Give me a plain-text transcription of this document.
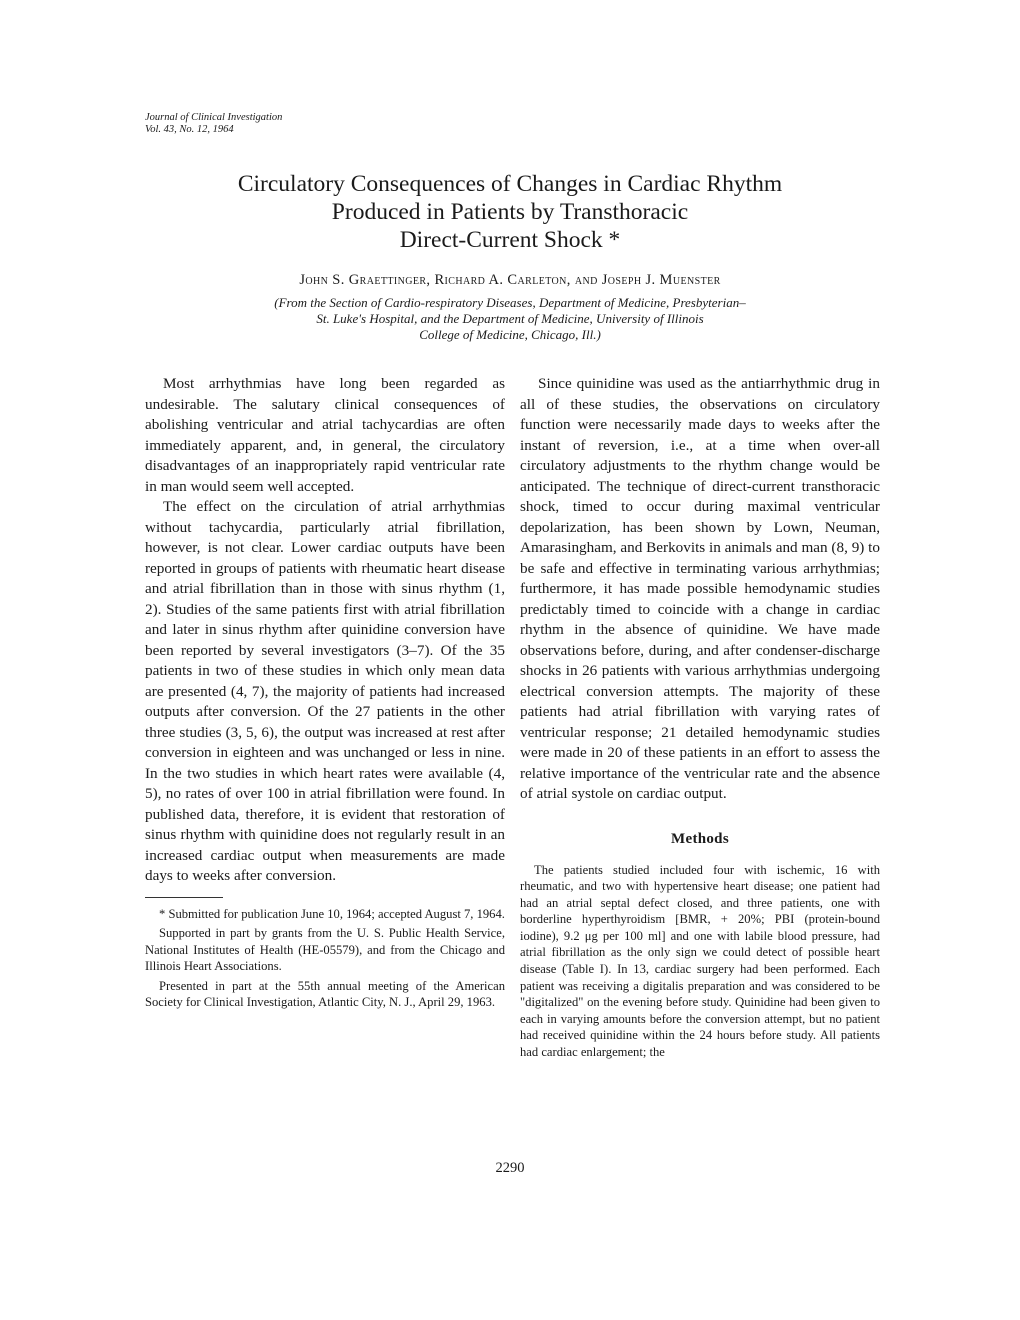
Journal of Clinical Investigation
Vol. 43, No. 12, 1964
Circulatory Consequences of Changes in Cardiac Rhythm
Produced in Patients by Transthoracic
Direct-Current Shock *
John S. Graettinger, Richard A. Carleton, and Joseph J. Muenster
(From the Section of Cardio-respiratory Diseases, Department of Medicine, Presbyterian–
St. Luke's Hospital, and the Department of Medicine, University of Illinois
College of Medicine, Chicago, Ill.)

Most arrhythmias have long been regarded as undesirable. The salutary clinical consequences of abolishing ventricular and atrial tachycardias are often immediately apparent, and, in general, the circulatory disadvantages of an inappropriately rapid ventricular rate in man would seem well accepted.

The effect on the circulation of atrial arrhythmias without tachycardia, particularly atrial fibrillation, however, is not clear. Lower cardiac outputs have been reported in groups of patients with rheumatic heart disease and atrial fibrillation than in those with sinus rhythm (1, 2). Studies of the same patients first with atrial fibrillation and later in sinus rhythm after quinidine conversion have been reported by several investigators (3–7). Of the 35 patients in two of these studies in which only mean data are presented (4, 7), the majority of patients had increased outputs after conversion. Of the 27 patients in the other three studies (3, 5, 6), the output was increased at rest after conversion in eighteen and was unchanged or less in nine. In the two studies in which heart rates were available (4, 5), no rates of over 100 in atrial fibrillation were found. In published data, therefore, it is evident that restoration of sinus rhythm with quinidine does not regularly result in an increased cardiac output when measurements are made days to weeks after conversion.

* Submitted for publication June 10, 1964; accepted August 7, 1964.

Supported in part by grants from the U. S. Public Health Service, National Institutes of Health (HE-05579), and from the Chicago and Illinois Heart Associations.

Presented in part at the 55th annual meeting of the American Society for Clinical Investigation, Atlantic City, N. J., April 29, 1963.

Since quinidine was used as the antiarrhythmic drug in all of these studies, the observations on circulatory function were necessarily made days to weeks after the instant of reversion, i.e., at a time when over-all circulatory adjustments to the rhythm change would be anticipated. The technique of direct-current transthoracic shock, timed to occur during maximal ventricular depolarization, has been shown by Lown, Neuman, Amarasingham, and Berkovits in animals and man (8, 9) to be safe and effective in terminating various arrhythmias; furthermore, it has made possible hemodynamic studies predictably timed to coincide with a change in cardiac rhythm in the absence of quinidine. We have made observations before, during, and after condenser-discharge shocks in 26 patients with various arrhythmias undergoing electrical conversion attempts. The majority of these patients had atrial fibrillation with varying rates of ventricular response; 21 detailed hemodynamic studies were made in 20 of these patients in an effort to assess the relative importance of the ventricular rate and the absence of atrial systole on cardiac output.

Methods

The patients studied included four with ischemic, 16 with rheumatic, and two with hypertensive heart disease; one patient had had an atrial septal defect closed, and three patients, one with borderline hyperthyroidism [BMR, + 20%; PBI (protein-bound iodine), 9.2 μg per 100 ml] and one with labile blood pressure, had atrial fibrillation as the only sign we could detect of possible heart disease (Table I). In 13, cardiac surgery had been performed. Each patient was receiving a digitalis preparation and was considered to be "digitalized" on the evening before study. Quinidine had been given to each in varying amounts before the conversion attempt, but no patient had received quinidine within the 24 hours before study. All patients had cardiac enlargement; the

2290
